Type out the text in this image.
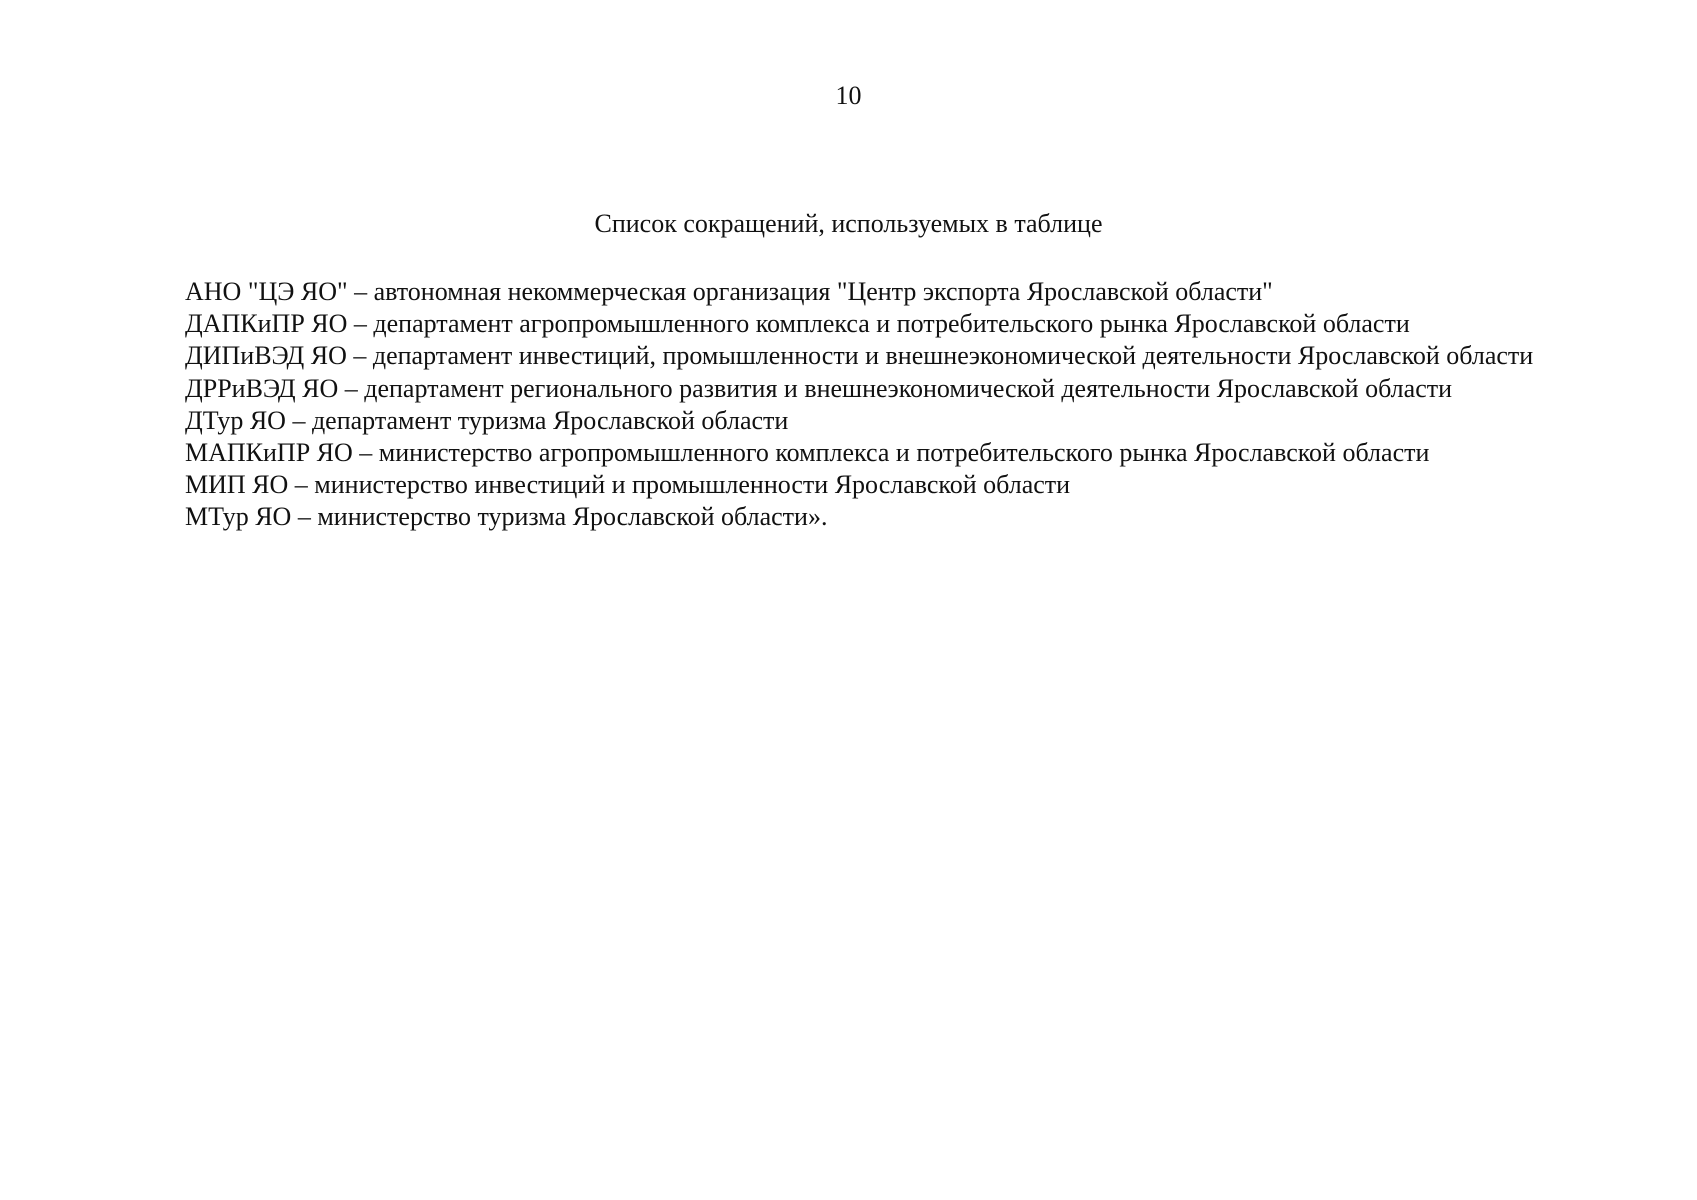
10
Список сокращений, используемых в таблице

АНО "ЦЭ ЯО" – автономная некоммерческая организация "Центр экспорта Ярославской области"

ДАПКиПР ЯО – департамент агропромышленного комплекса и потребительского рынка Ярославской области

ДИПиВЭД ЯО – департамент инвестиций, промышленности и внешнеэкономической деятельности Ярославской области

ДРРиВЭД ЯО – департамент регионального развития и внешнеэкономической деятельности Ярославской области

ДТур ЯО – департамент туризма Ярославской области

МАПКиПР ЯО – министерство агропромышленного комплекса и потребительского рынка Ярославской области

МИП ЯО – министерство инвестиций и промышленности Ярославской области

МТур ЯО – министерство туризма Ярославской области».
